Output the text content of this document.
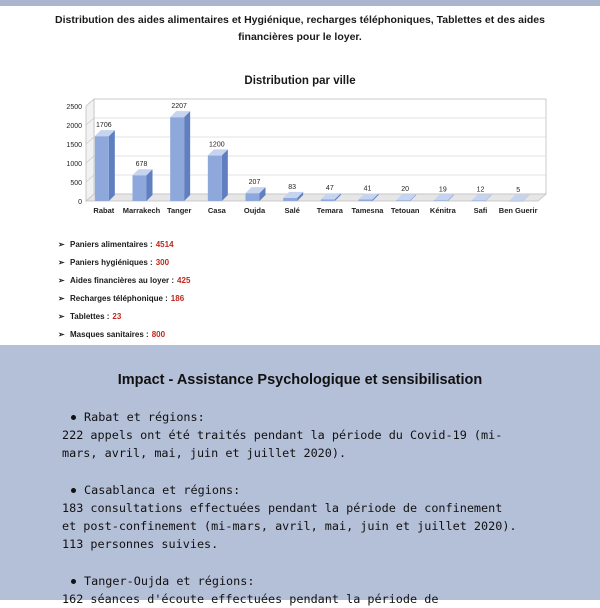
Distribution des aides alimentaires et Hygiénique, recharges téléphoniques, Tablettes et des aides
financières pour le loyer.
Distribution par ville
0
500
1000
1500
2000
2500
1706
Rabat
678
Marrakech
2207
Tanger
1200
Casa
207
Oujda
83
Salé
47
Temara
41
Tamesna
20
Tetouan
19
Kénitra
12
Safi
5
Ben Guerir
➢ Paniers alimentaires : 4514
➢ Paniers hygiéniques : 300
➢ Aides financières au loyer : 425
➢ Recharges téléphonique : 186
➢ Tablettes : 23
➢ Masques sanitaires : 800
Impact - Assistance Psychologique et sensibilisation
Rabat et régions:
222 appels ont été traités pendant la période du Covid-19 (mi-
mars, avril, mai, juin et juillet 2020).
Casablanca et régions:
183 consultations effectuées pendant la période de confinement
et post-confinement (mi-mars, avril, mai, juin et juillet 2020).
113 personnes suivies.
Tanger-Oujda et régions:
162 séances d'écoute effectuées pendant la période de
